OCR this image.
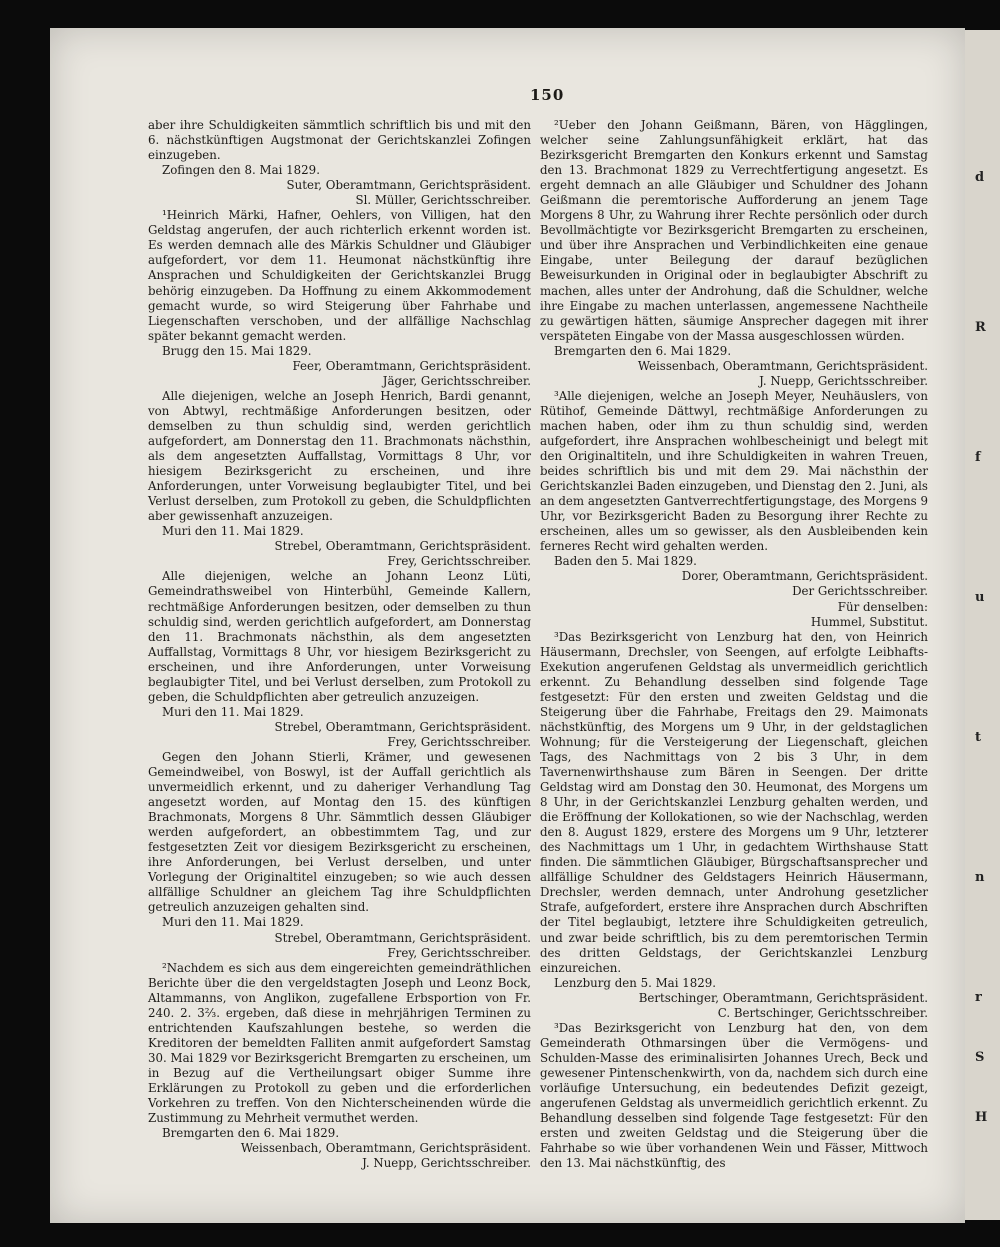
d
R
f
u
t
n
r
S
H
150

aber ihre Schuldigkeiten sämmtlich schriftlich bis und mit den 6. nächstkünftigen Augstmonat der Gerichtskanzlei Zofingen einzugeben.

Zofingen den 8. Mai 1829.

Suter, Oberamtmann, Gerichtspräsident.

Sl. Müller, Gerichtsschreiber.

¹Heinrich Märki, Hafner, Oehlers, von Villigen, hat den Geldstag angerufen, der auch richterlich erkennt worden ist. Es werden demnach alle des Märkis Schuldner und Gläubiger aufgefordert, vor dem 11. Heumonat nächstkünftig ihre Ansprachen und Schuldigkeiten der Gerichtskanzlei Brugg behörig einzugeben. Da Hoffnung zu einem Akkommodement gemacht wurde, so wird Steigerung über Fahrhabe und Liegenschaften verschoben, und der allfällige Nachschlag später bekannt gemacht werden.

Brugg den 15. Mai 1829.

Feer, Oberamtmann, Gerichtspräsident.

Jäger, Gerichtsschreiber.

Alle diejenigen, welche an Joseph Henrich, Bardi genannt, von Abtwyl, rechtmäßige Anforderungen besitzen, oder demselben zu thun schuldig sind, werden gerichtlich aufgefordert, am Donnerstag den 11. Brachmonats nächsthin, als dem angesetzten Auffallstag, Vormittags 8 Uhr, vor hiesigem Bezirksgericht zu erscheinen, und ihre Anforderungen, unter Vorweisung beglaubigter Titel, und bei Verlust derselben, zum Protokoll zu geben, die Schuldpflichten aber gewissenhaft anzuzeigen.

Muri den 11. Mai 1829.

Strebel, Oberamtmann, Gerichtspräsident.

Frey, Gerichtsschreiber.

Alle diejenigen, welche an Johann Leonz Lüti, Gemeindrathsweibel von Hinterbühl, Gemeinde Kallern, rechtmäßige Anforderungen besitzen, oder demselben zu thun schuldig sind, werden gerichtlich aufgefordert, am Donnerstag den 11. Brachmonats nächsthin, als dem angesetzten Auffallstag, Vormittags 8 Uhr, vor hiesigem Bezirksgericht zu erscheinen, und ihre Anforderungen, unter Vorweisung beglaubigter Titel, und bei Verlust derselben, zum Protokoll zu geben, die Schuldpflichten aber getreulich anzuzeigen.

Muri den 11. Mai 1829.

Strebel, Oberamtmann, Gerichtspräsident.

Frey, Gerichtsschreiber.

Gegen den Johann Stierli, Krämer, und gewesenen Gemeindweibel, von Boswyl, ist der Auffall gerichtlich als unvermeidlich erkennt, und zu daheriger Verhandlung Tag angesetzt worden, auf Montag den 15. des künftigen Brachmonats, Morgens 8 Uhr. Sämmtlich dessen Gläubiger werden aufgefordert, an obbestimmtem Tag, und zur festgesetzten Zeit vor diesigem Bezirksgericht zu erscheinen, ihre Anforderungen, bei Verlust derselben, und unter Vorlegung der Originaltitel einzugeben; so wie auch dessen allfällige Schuldner an gleichem Tag ihre Schuldpflichten getreulich anzuzeigen gehalten sind.

Muri den 11. Mai 1829.

Strebel, Oberamtmann, Gerichtspräsident.

Frey, Gerichtsschreiber.

²Nachdem es sich aus dem eingereichten gemeindräthlichen Berichte über die den vergeldstagten Joseph und Leonz Bock, Altammanns, von Anglikon, zugefallene Erbsportion von Fr. 240. 2. 3⅔. ergeben, daß diese in mehrjährigen Terminen zu entrichtenden Kaufszahlungen bestehe, so werden die Kreditoren der bemeldten Falliten anmit aufgefordert Samstag 30. Mai 1829 vor Bezirksgericht Bremgarten zu erscheinen, um in Bezug auf die Vertheilungsart obiger Summe ihre Erklärungen zu Protokoll zu geben und die erforderlichen Vorkehren zu treffen. Von den Nichterscheinenden würde die Zustimmung zu Mehrheit vermuthet werden.

Bremgarten den 6. Mai 1829.

Weissenbach, Oberamtmann, Gerichtspräsident.

J. Nuepp, Gerichtsschreiber.

²Ueber den Johann Geißmann, Bären, von Hägglingen, welcher seine Zahlungsunfähigkeit erklärt, hat das Bezirksgericht Bremgarten den Konkurs erkennt und Samstag den 13. Brachmonat 1829 zu Verrechtfertigung angesetzt. Es ergeht demnach an alle Gläubiger und Schuldner des Johann Geißmann die peremtorische Aufforderung an jenem Tage Morgens 8 Uhr, zu Wahrung ihrer Rechte persönlich oder durch Bevollmächtigte vor Bezirksgericht Bremgarten zu erscheinen, und über ihre Ansprachen und Verbindlichkeiten eine genaue Eingabe, unter Beilegung der darauf bezüglichen Beweisurkunden in Original oder in beglaubigter Abschrift zu machen, alles unter der Androhung, daß die Schuldner, welche ihre Eingabe zu machen unterlassen, angemessene Nachtheile zu gewärtigen hätten, säumige Ansprecher dagegen mit ihrer verspäteten Eingabe von der Massa ausgeschlossen würden.

Bremgarten den 6. Mai 1829.

Weissenbach, Oberamtmann, Gerichtspräsident.

J. Nuepp, Gerichtsschreiber.

³Alle diejenigen, welche an Joseph Meyer, Neuhäuslers, von Rütihof, Gemeinde Dättwyl, rechtmäßige Anforderungen zu machen haben, oder ihm zu thun schuldig sind, werden aufgefordert, ihre Ansprachen wohlbescheinigt und belegt mit den Originaltiteln, und ihre Schuldigkeiten in wahren Treuen, beides schriftlich bis und mit dem 29. Mai nächsthin der Gerichtskanzlei Baden einzugeben, und Dienstag den 2. Juni, als an dem angesetzten Gantverrechtfertigungstage, des Morgens 9 Uhr, vor Bezirksgericht Baden zu Besorgung ihrer Rechte zu erscheinen, alles um so gewisser, als den Ausbleibenden kein ferneres Recht wird gehalten werden.

Baden den 5. Mai 1829.

Dorer, Oberamtmann, Gerichtspräsident.

Der Gerichtsschreiber.

Für denselben:

Hummel, Substitut.

³Das Bezirksgericht von Lenzburg hat den, von Heinrich Häusermann, Drechsler, von Seengen, auf erfolgte Leibhafts-Exekution angerufenen Geldstag als unvermeidlich gerichtlich erkennt. Zu Behandlung desselben sind folgende Tage festgesetzt: Für den ersten und zweiten Geldstag und die Steigerung über die Fahrhabe, Freitags den 29. Maimonats nächstkünftig, des Morgens um 9 Uhr, in der geldstaglichen Wohnung; für die Versteigerung der Liegenschaft, gleichen Tags, des Nachmittags von 2 bis 3 Uhr, in dem Tavernenwirthshause zum Bären in Seengen. Der dritte Geldstag wird am Donstag den 30. Heumonat, des Morgens um 8 Uhr, in der Gerichtskanzlei Lenzburg gehalten werden, und die Eröffnung der Kollokationen, so wie der Nachschlag, werden den 8. August 1829, erstere des Morgens um 9 Uhr, letzterer des Nachmittags um 1 Uhr, in gedachtem Wirthshause Statt finden. Die sämmtlichen Gläubiger, Bürgschaftsansprecher und allfällige Schuldner des Geldstagers Heinrich Häusermann, Drechsler, werden demnach, unter Androhung gesetzlicher Strafe, aufgefordert, erstere ihre Ansprachen durch Abschriften der Titel beglaubigt, letztere ihre Schuldigkeiten getreulich, und zwar beide schriftlich, bis zu dem peremtorischen Termin des dritten Geldstags, der Gerichtskanzlei Lenzburg einzureichen.

Lenzburg den 5. Mai 1829.

Bertschinger, Oberamtmann, Gerichtspräsident.

C. Bertschinger, Gerichtsschreiber.

³Das Bezirksgericht von Lenzburg hat den, von dem Gemeinderath Othmarsingen über die Vermögens- und Schulden-Masse des eriminalisirten Johannes Urech, Beck und gewesener Pintenschenkwirth, von da, nachdem sich durch eine vorläufige Untersuchung, ein bedeutendes Defizit gezeigt, angerufenen Geldstag als unvermeidlich gerichtlich erkennt. Zu Behandlung desselben sind folgende Tage festgesetzt: Für den ersten und zweiten Geldstag und die Steigerung über die Fahrhabe so wie über vorhandenen Wein und Fässer, Mittwoch den 13. Mai nächstkünftig, des
